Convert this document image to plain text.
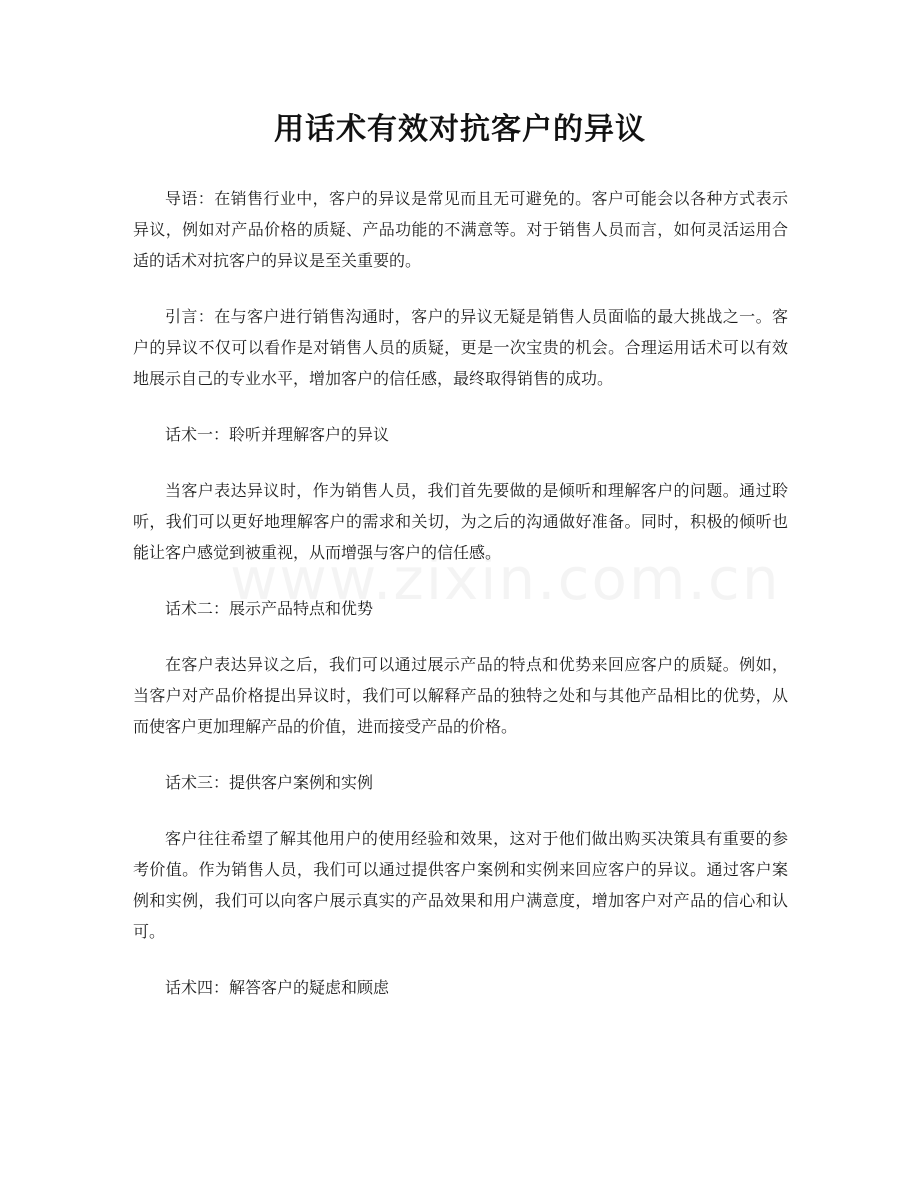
用话术有效对抗客户的异议

导语：在销售行业中，客户的异议是常见而且无可避免的。客户可能会以各种方式表示异议，例如对产品价格的质疑、产品功能的不满意等。对于销售人员而言，如何灵活运用合适的话术对抗客户的异议是至关重要的。

引言：在与客户进行销售沟通时，客户的异议无疑是销售人员面临的最大挑战之一。客户的异议不仅可以看作是对销售人员的质疑，更是一次宝贵的机会。合理运用话术可以有效地展示自己的专业水平，增加客户的信任感，最终取得销售的成功。

话术一：聆听并理解客户的异议

当客户表达异议时，作为销售人员，我们首先要做的是倾听和理解客户的问题。通过聆听，我们可以更好地理解客户的需求和关切，为之后的沟通做好准备。同时，积极的倾听也能让客户感觉到被重视，从而增强与客户的信任感。

话术二：展示产品特点和优势

在客户表达异议之后，我们可以通过展示产品的特点和优势来回应客户的质疑。例如，当客户对产品价格提出异议时，我们可以解释产品的独特之处和与其他产品相比的优势，从而使客户更加理解产品的价值，进而接受产品的价格。

话术三：提供客户案例和实例

客户往往希望了解其他用户的使用经验和效果，这对于他们做出购买决策具有重要的参考价值。作为销售人员，我们可以通过提供客户案例和实例来回应客户的异议。通过客户案例和实例，我们可以向客户展示真实的产品效果和用户满意度，增加客户对产品的信心和认可。

话术四：解答客户的疑虑和顾虑
